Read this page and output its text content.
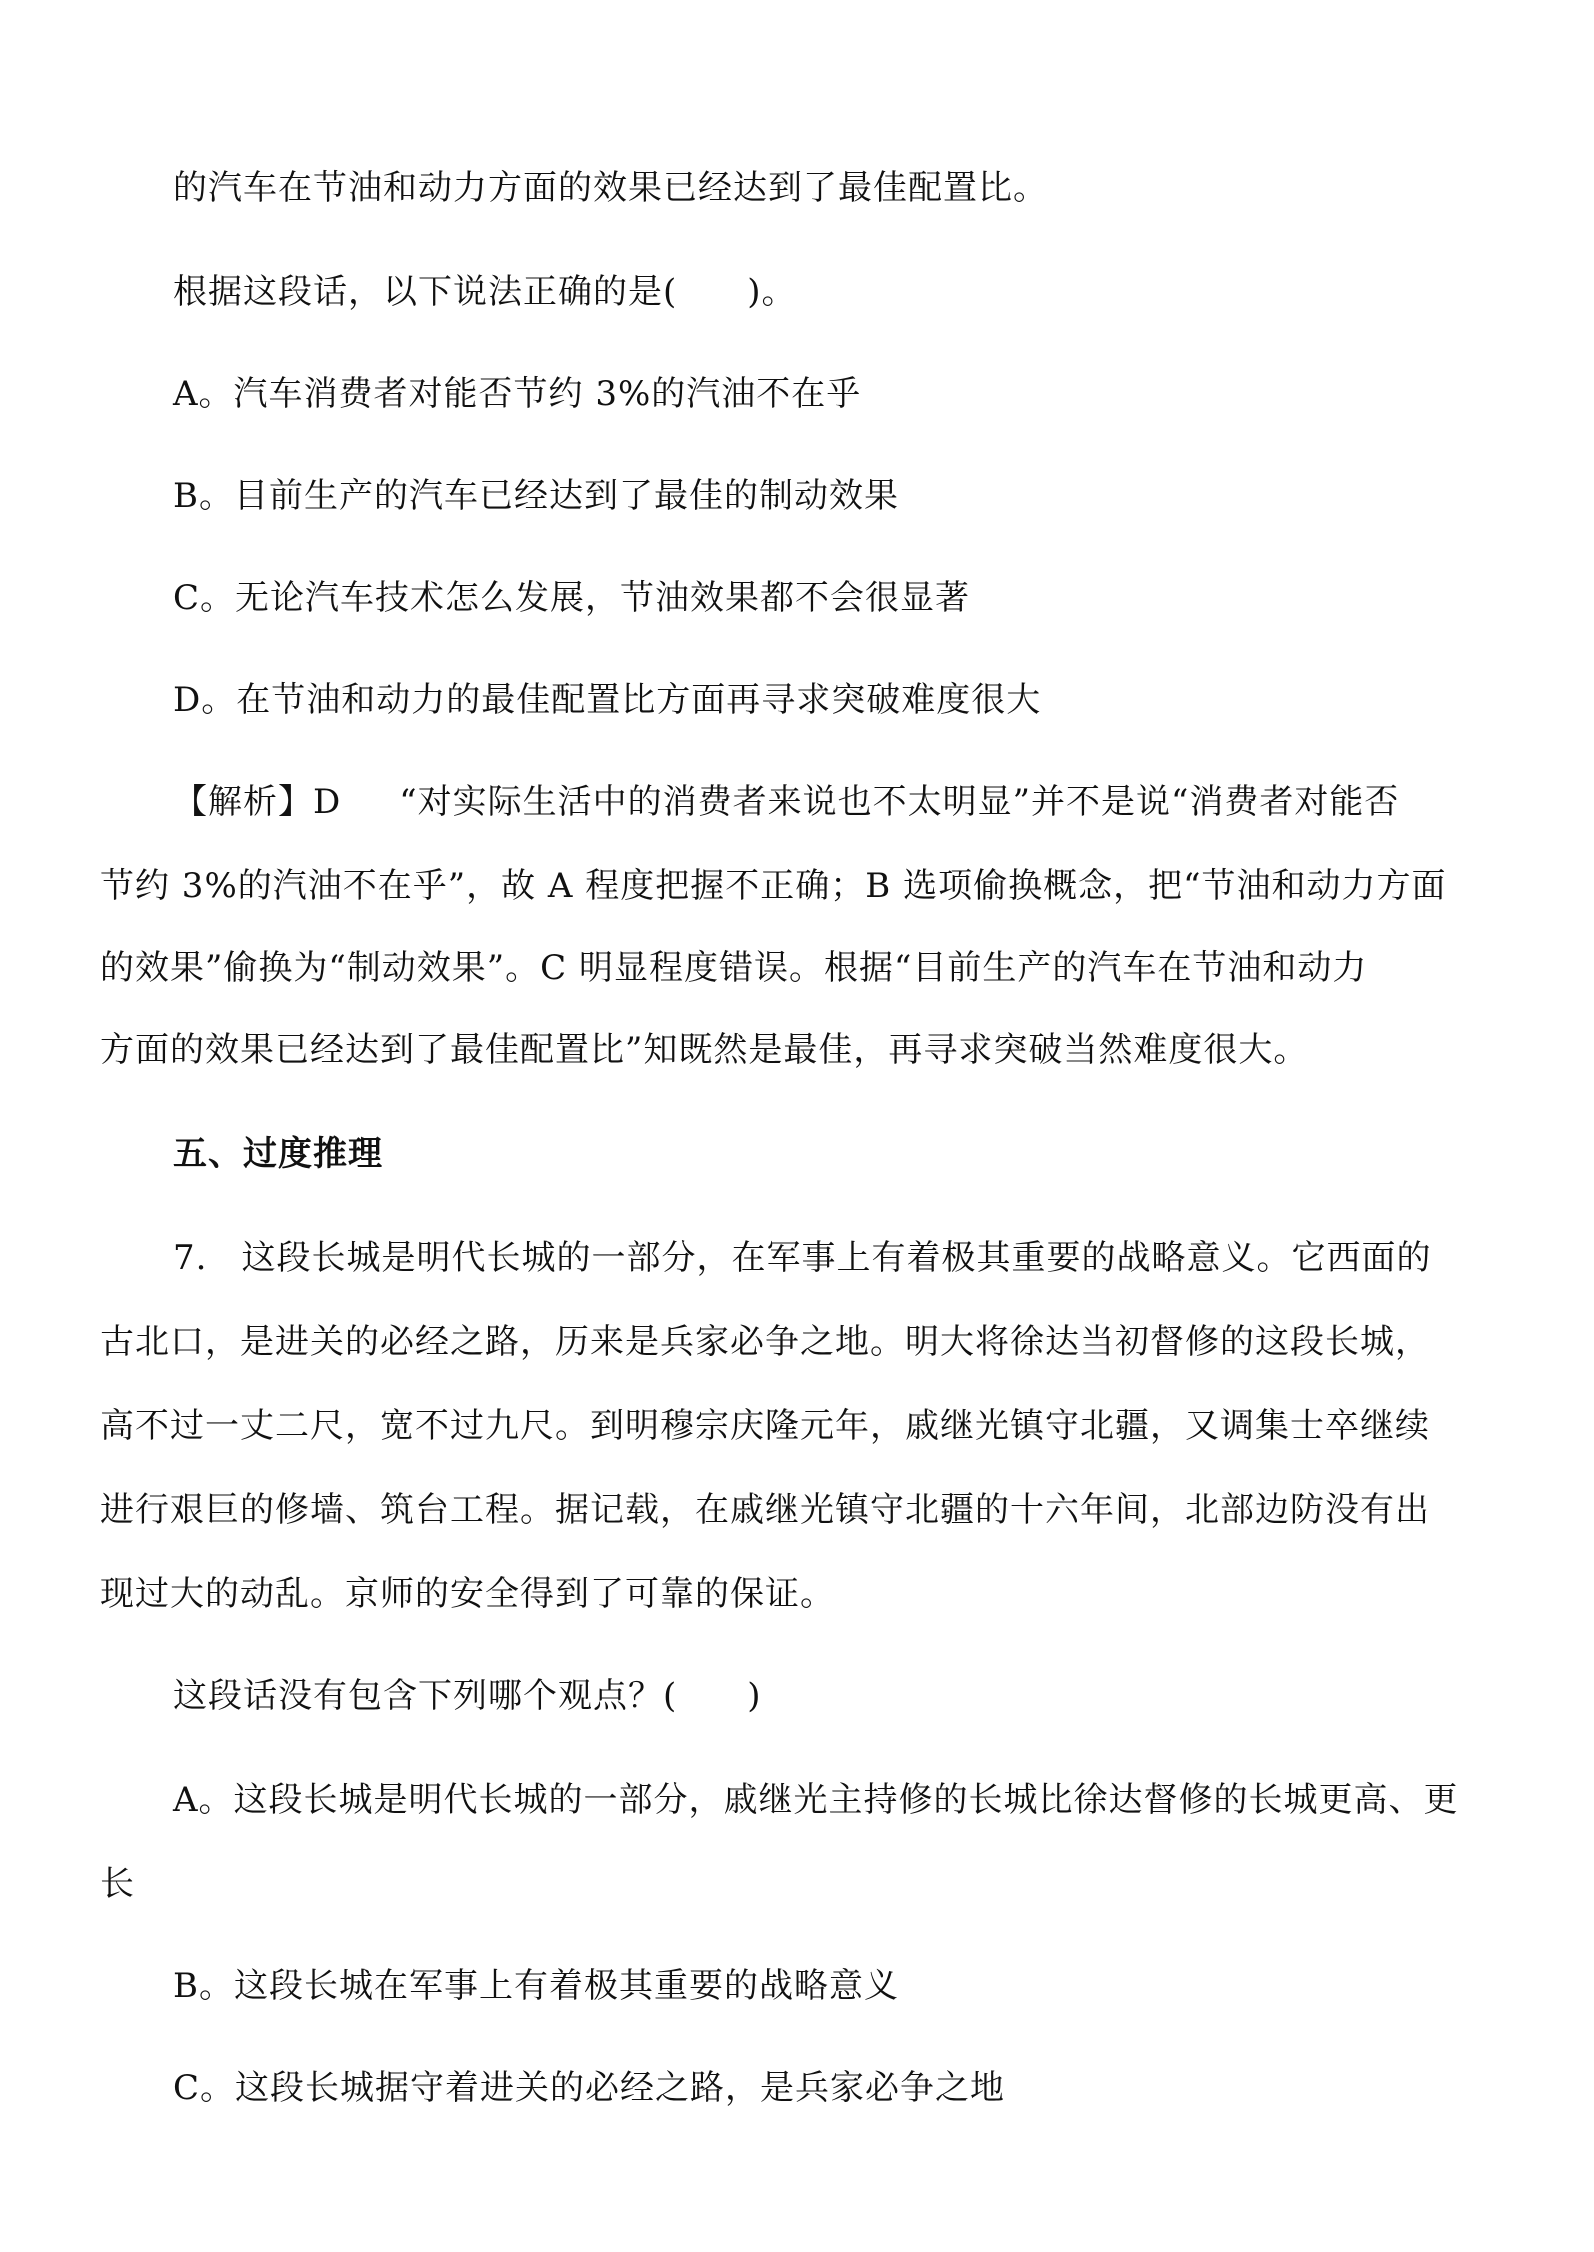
的汽车在节油和动力方面的效果已经达到了最佳配置比。
根据这段话，以下说法正确的是(　　)。
A。汽车消费者对能否节约 3%的汽油不在乎
B。目前生产的汽车已经达到了最佳的制动效果
C。无论汽车技术怎么发展，节油效果都不会很显著
D。在节油和动力的最佳配置比方面再寻求突破难度很大
【解析】D “对实际生活中的消费者来说也不太明显”并不是说“消费者对能否
节约 3%的汽油不在乎”，故 A 程度把握不正确；B 选项偷换概念，把“节油和动力方面
的效果”偷换为“制动效果”。C 明显程度错误。根据“目前生产的汽车在节油和动力
方面的效果已经达到了最佳配置比”知既然是最佳，再寻求突破当然难度很大。
五、过度推理
7. 这段长城是明代长城的一部分，在军事上有着极其重要的战略意义。它西面的
古北口，是进关的必经之路，历来是兵家必争之地。明大将徐达当初督修的这段长城，
高不过一丈二尺，宽不过九尺。到明穆宗庆隆元年，戚继光镇守北疆，又调集士卒继续
进行艰巨的修墙、筑台工程。据记载，在戚继光镇守北疆的十六年间，北部边防没有出
现过大的动乱。京师的安全得到了可靠的保证。
这段话没有包含下列哪个观点？(　　)
A。这段长城是明代长城的一部分，戚继光主持修的长城比徐达督修的长城更高、更
长
B。这段长城在军事上有着极其重要的战略意义
C。这段长城据守着进关的必经之路，是兵家必争之地
